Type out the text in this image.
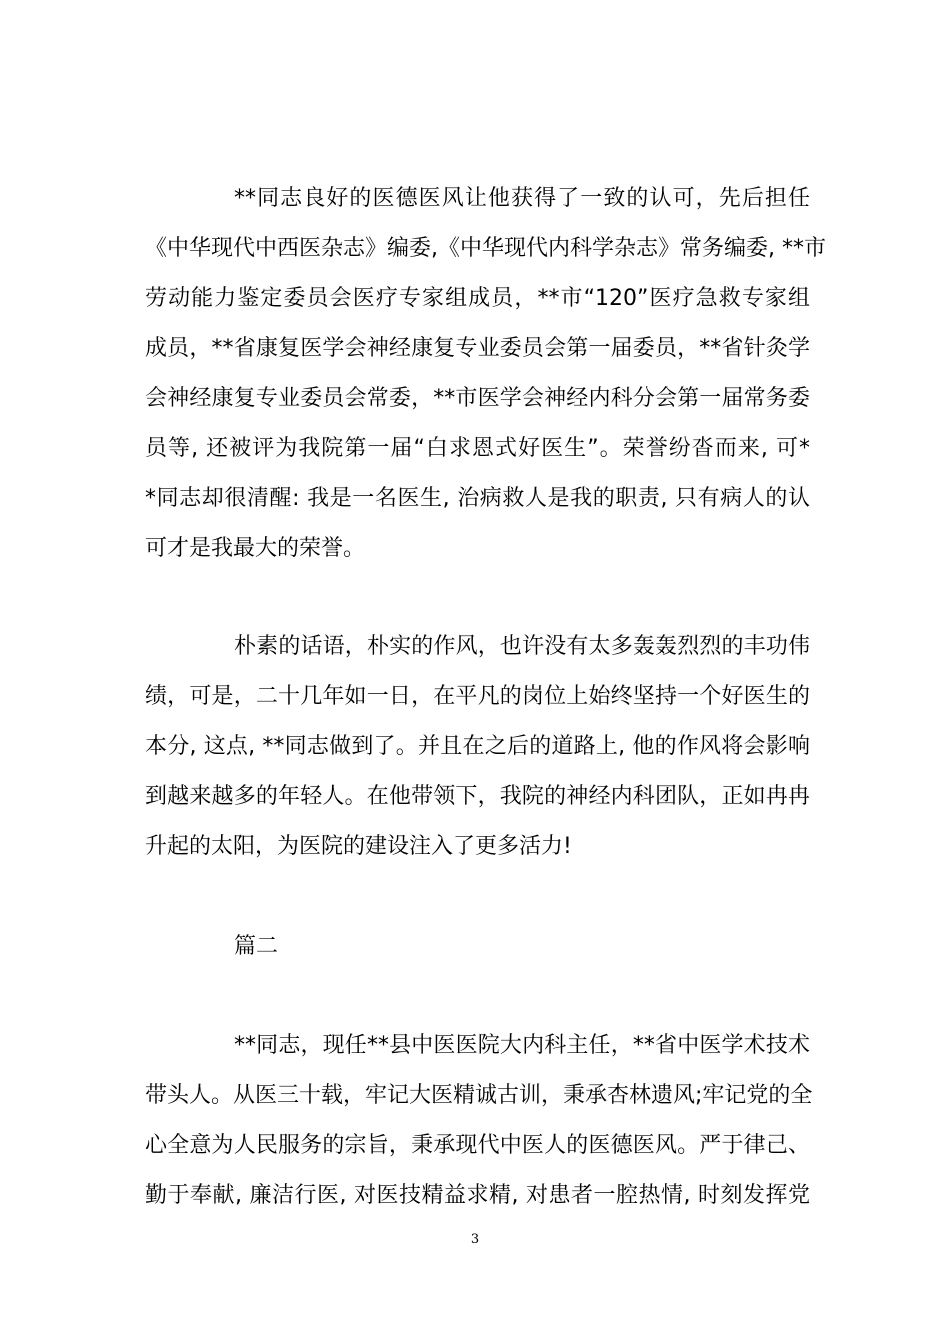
**同志良好的医德医风让他获得了一致的认可，先后担任
《中华现代中西医杂志》编委,《中华现代内科学杂志》常务编委, **市
劳动能力鉴定委员会医疗专家组成员，**市“120”医疗急救专家组
成员，**省康复医学会神经康复专业委员会第一届委员，**省针灸学
会神经康复专业委员会常委，**市医学会神经内科分会第一届常务委
员等, 还被评为我院第一届“白求恩式好医生”。荣誉纷沓而来, 可*
*同志却很清醒: 我是一名医生, 治病救人是我的职责, 只有病人的认
可才是我最大的荣誉。
朴素的话语，朴实的作风，也许没有太多轰轰烈烈的丰功伟
绩，可是，二十几年如一日，在平凡的岗位上始终坚持一个好医生的
本分, 这点, **同志做到了。并且在之后的道路上, 他的作风将会影响
到越来越多的年轻人。在他带领下，我院的神经内科团队，正如冉冉
升起的太阳，为医院的建设注入了更多活力!
篇二
**同志，现任**县中医医院大内科主任，**省中医学术技术
带头人。从医三十载，牢记大医精诚古训，秉承杏林遗风;牢记党的全
心全意为人民服务的宗旨，秉承现代中医人的医德医风。严于律己、
勤于奉献, 廉洁行医, 对医技精益求精, 对患者一腔热情, 时刻发挥党
3
